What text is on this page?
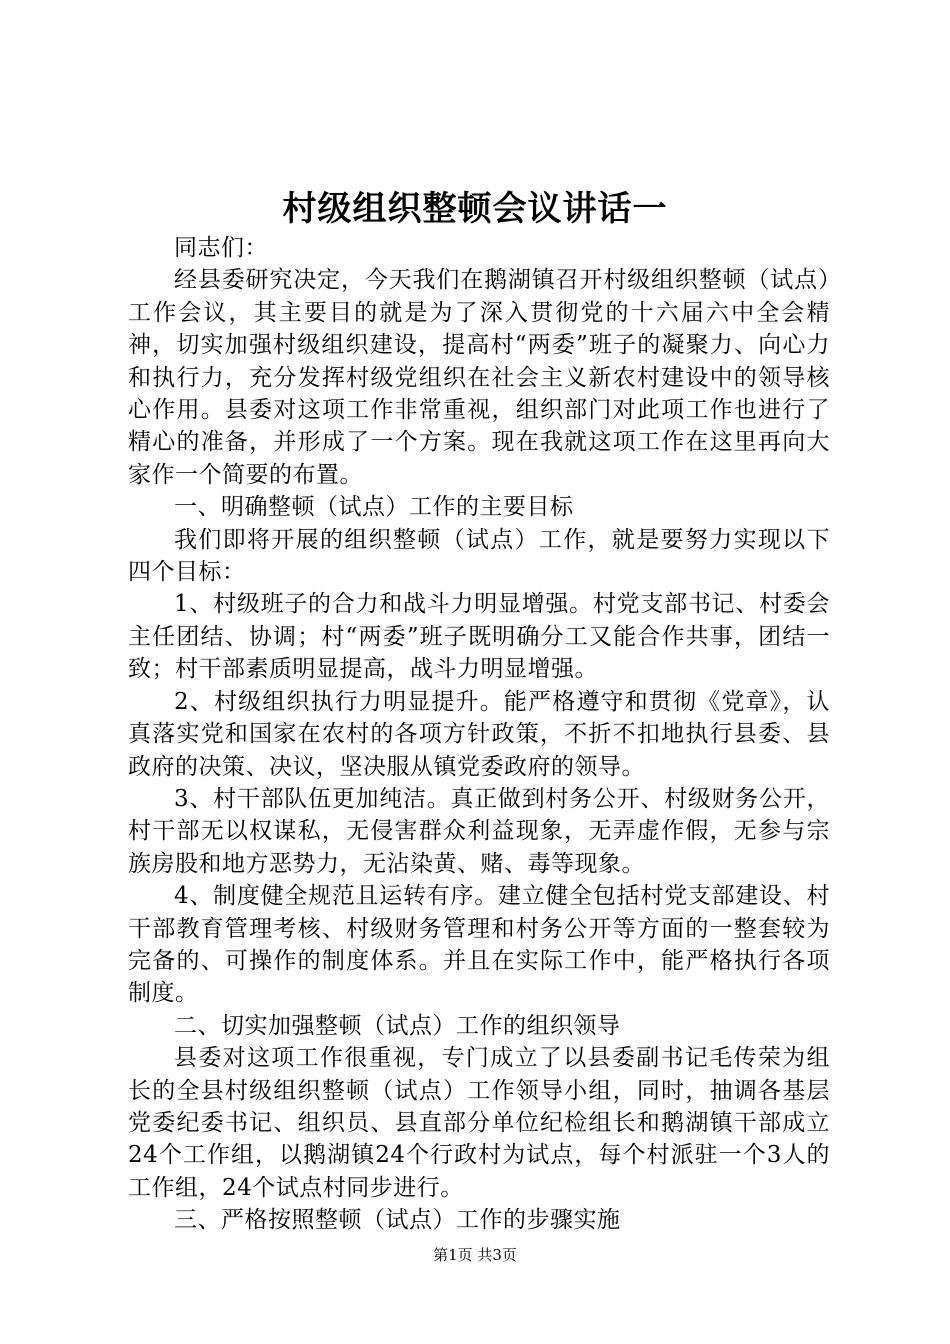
村级组织整顿会议讲话一

同志们：

经县委研究决定，今天我们在鹅湖镇召开村级组织整顿（试点）工作会议，其主要目的就是为了深入贯彻党的十六届六中全会精神，切实加强村级组织建设，提高村“两委”班子的凝聚力、向心力和执行力，充分发挥村级党组织在社会主义新农村建设中的领导核心作用。县委对这项工作非常重视，组织部门对此项工作也进行了精心的准备，并形成了一个方案。现在我就这项工作在这里再向大家作一个简要的布置。

一、明确整顿（试点）工作的主要目标

我们即将开展的组织整顿（试点）工作，就是要努力实现以下四个目标：

1、村级班子的合力和战斗力明显增强。村党支部书记、村委会主任团结、协调；村“两委”班子既明确分工又能合作共事，团结一致；村干部素质明显提高，战斗力明显增强。

2、村级组织执行力明显提升。能严格遵守和贯彻《党章》，认真落实党和国家在农村的各项方针政策，不折不扣地执行县委、县政府的决策、决议，坚决服从镇党委政府的领导。

3、村干部队伍更加纯洁。真正做到村务公开、村级财务公开，村干部无以权谋私，无侵害群众利益现象，无弄虚作假，无参与宗族房股和地方恶势力，无沾染黄、赌、毒等现象。

4、制度健全规范且运转有序。建立健全包括村党支部建设、村干部教育管理考核、村级财务管理和村务公开等方面的一整套较为完备的、可操作的制度体系。并且在实际工作中，能严格执行各项制度。

二、切实加强整顿（试点）工作的组织领导

县委对这项工作很重视，专门成立了以县委副书记毛传荣为组长的全县村级组织整顿（试点）工作领导小组，同时，抽调各基层党委纪委书记、组织员、县直部分单位纪检组长和鹅湖镇干部成立24个工作组，以鹅湖镇24个行政村为试点，每个村派驻一个3人的工作组，24个试点村同步进行。

三、严格按照整顿（试点）工作的步骤实施

第1页 共3页
